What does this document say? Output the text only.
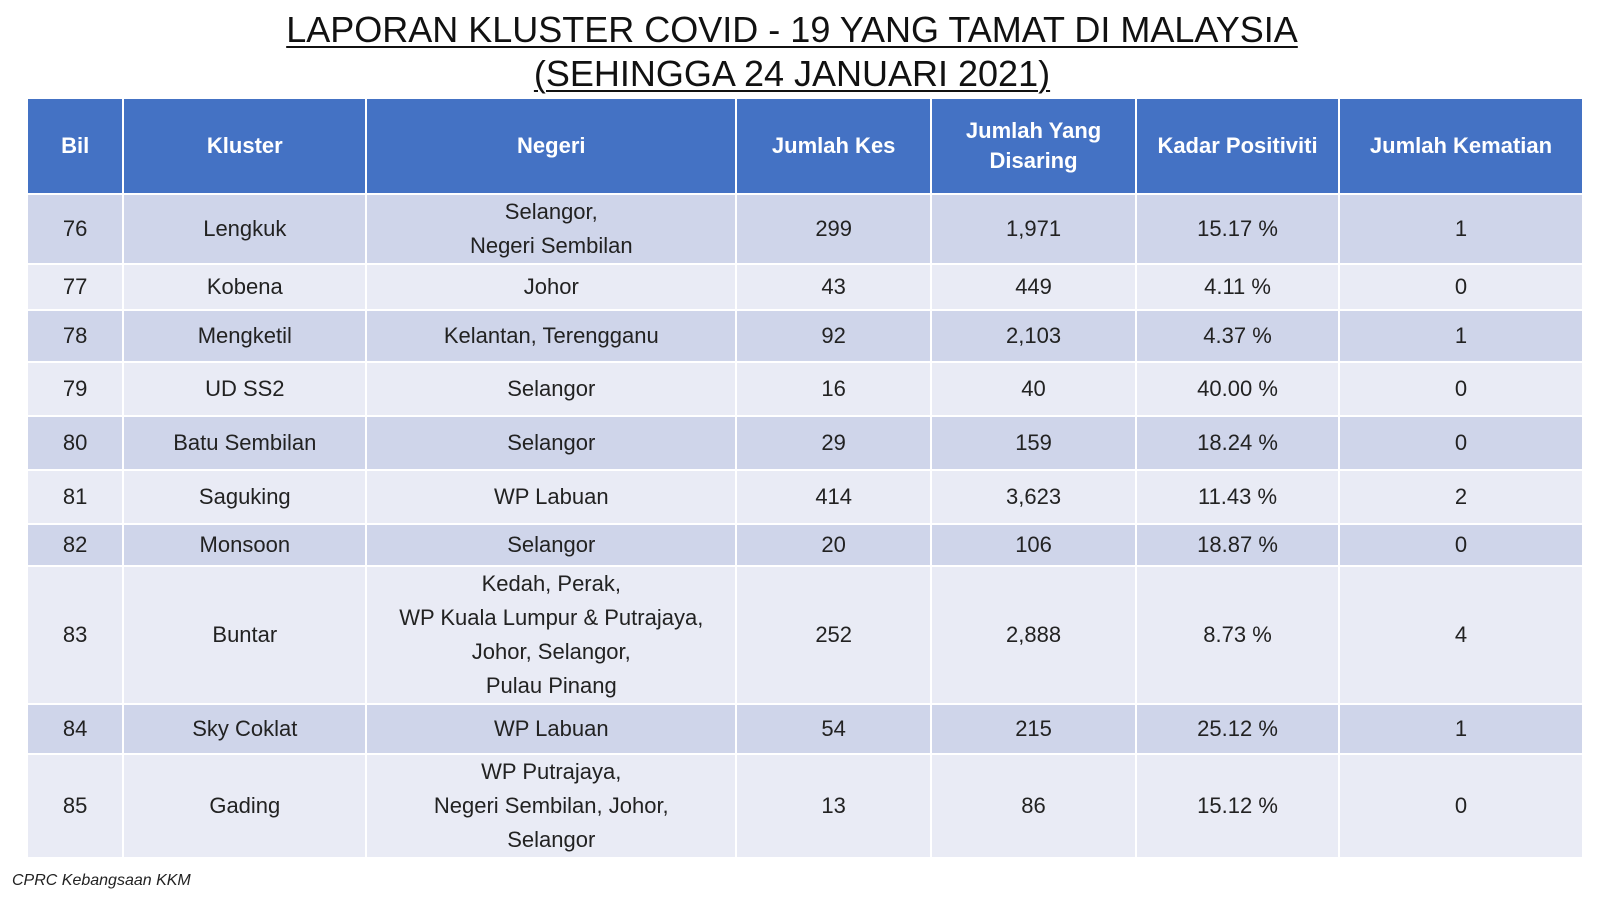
LAPORAN KLUSTER COVID - 19 YANG TAMAT DI MALAYSIA
(SEHINGGA 24 JANUARI 2021)
Bil	Kluster	Negeri	Jumlah Kes	Jumlah Yang
Disaring	Kadar Positiviti	Jumlah Kematian
76	Lengkuk	Selangor,
Negeri Sembilan	299	1,971	15.17 %	1
77	Kobena	Johor	43	449	4.11 %	0
78	Mengketil	Kelantan, Terengganu	92	2,103	4.37 %	1
79	UD SS2	Selangor	16	40	40.00 %	0
80	Batu Sembilan	Selangor	29	159	18.24 %	0
81	Saguking	WP Labuan	414	3,623	11.43 %	2
82	Monsoon	Selangor	20	106	18.87 %	0
83	Buntar	Kedah, Perak,
WP Kuala Lumpur & Putrajaya,
Johor, Selangor,
Pulau Pinang	252	2,888	8.73 %	4
84	Sky Coklat	WP Labuan	54	215	25.12 %	1
85	Gading	WP Putrajaya,
Negeri Sembilan, Johor,
Selangor	13	86	15.12 %	0
CPRC Kebangsaan KKM
